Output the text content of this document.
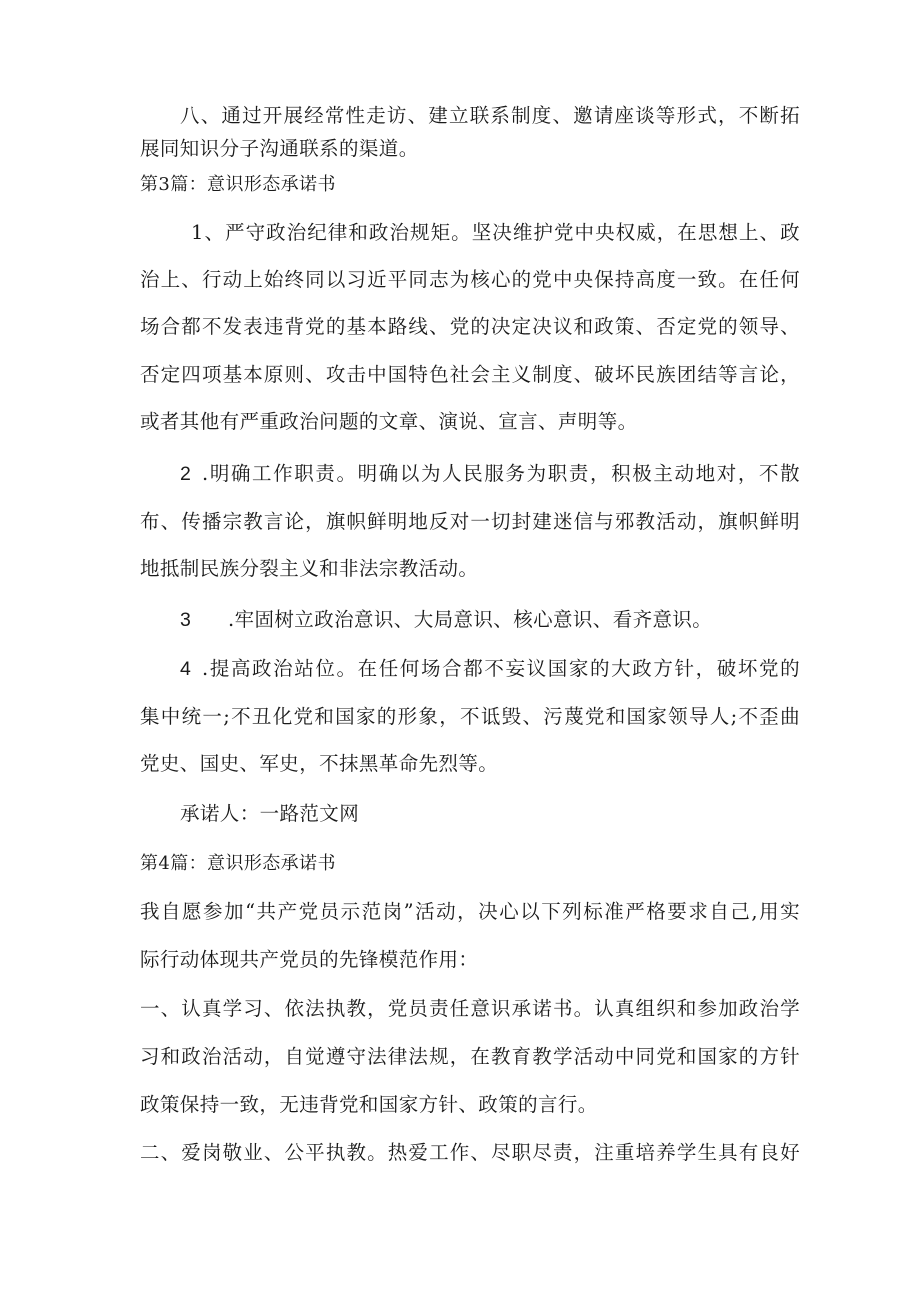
八、通过开展经常性走访、建立联系制度、邀请座谈等形式，不断拓
展同知识分子沟通联系的渠道。
第3篇：意识形态承诺书
1、严守政治纪律和政治规矩。坚决维护党中央权威，在思想上、政
治上、行动上始终同以习近平同志为核心的党中央保持高度一致。在任何
场合都不发表违背党的基本路线、党的决定决议和政策、否定党的领导、
否定四项基本原则、攻击中国特色社会主义制度、破坏民族团结等言论，
或者其他有严重政治问题的文章、演说、宣言、声明等。
2 .明确工作职责。明确以为人民服务为职责，积极主动地对，不散
布、传播宗教言论，旗帜鲜明地反对一切封建迷信与邪教活动，旗帜鲜明
地抵制民族分裂主义和非法宗教活动。
3	.牢固树立政治意识、大局意识、核心意识、看齐意识。
4 .提高政治站位。在任何场合都不妄议国家的大政方针，破坏党的
集中统一;不丑化党和国家的形象，不诋毁、污蔑党和国家领导人;不歪曲
党史、国史、军史，不抹黑革命先烈等。
承诺人：一路范文网
第4篇：意识形态承诺书
我自愿参加“共产党员示范岗”活动，决心以下列标准严格要求自己,用实
际行动体现共产党员的先锋模范作用：
一、认真学习、依法执教，党员责任意识承诺书。认真组织和参加政治学
习和政治活动，自觉遵守法律法规，在教育教学活动中同党和国家的方针
政策保持一致，无违背党和国家方针、政策的言行。
二、爱岗敬业、公平执教。热爱工作、尽职尽责，注重培养学生具有良好
